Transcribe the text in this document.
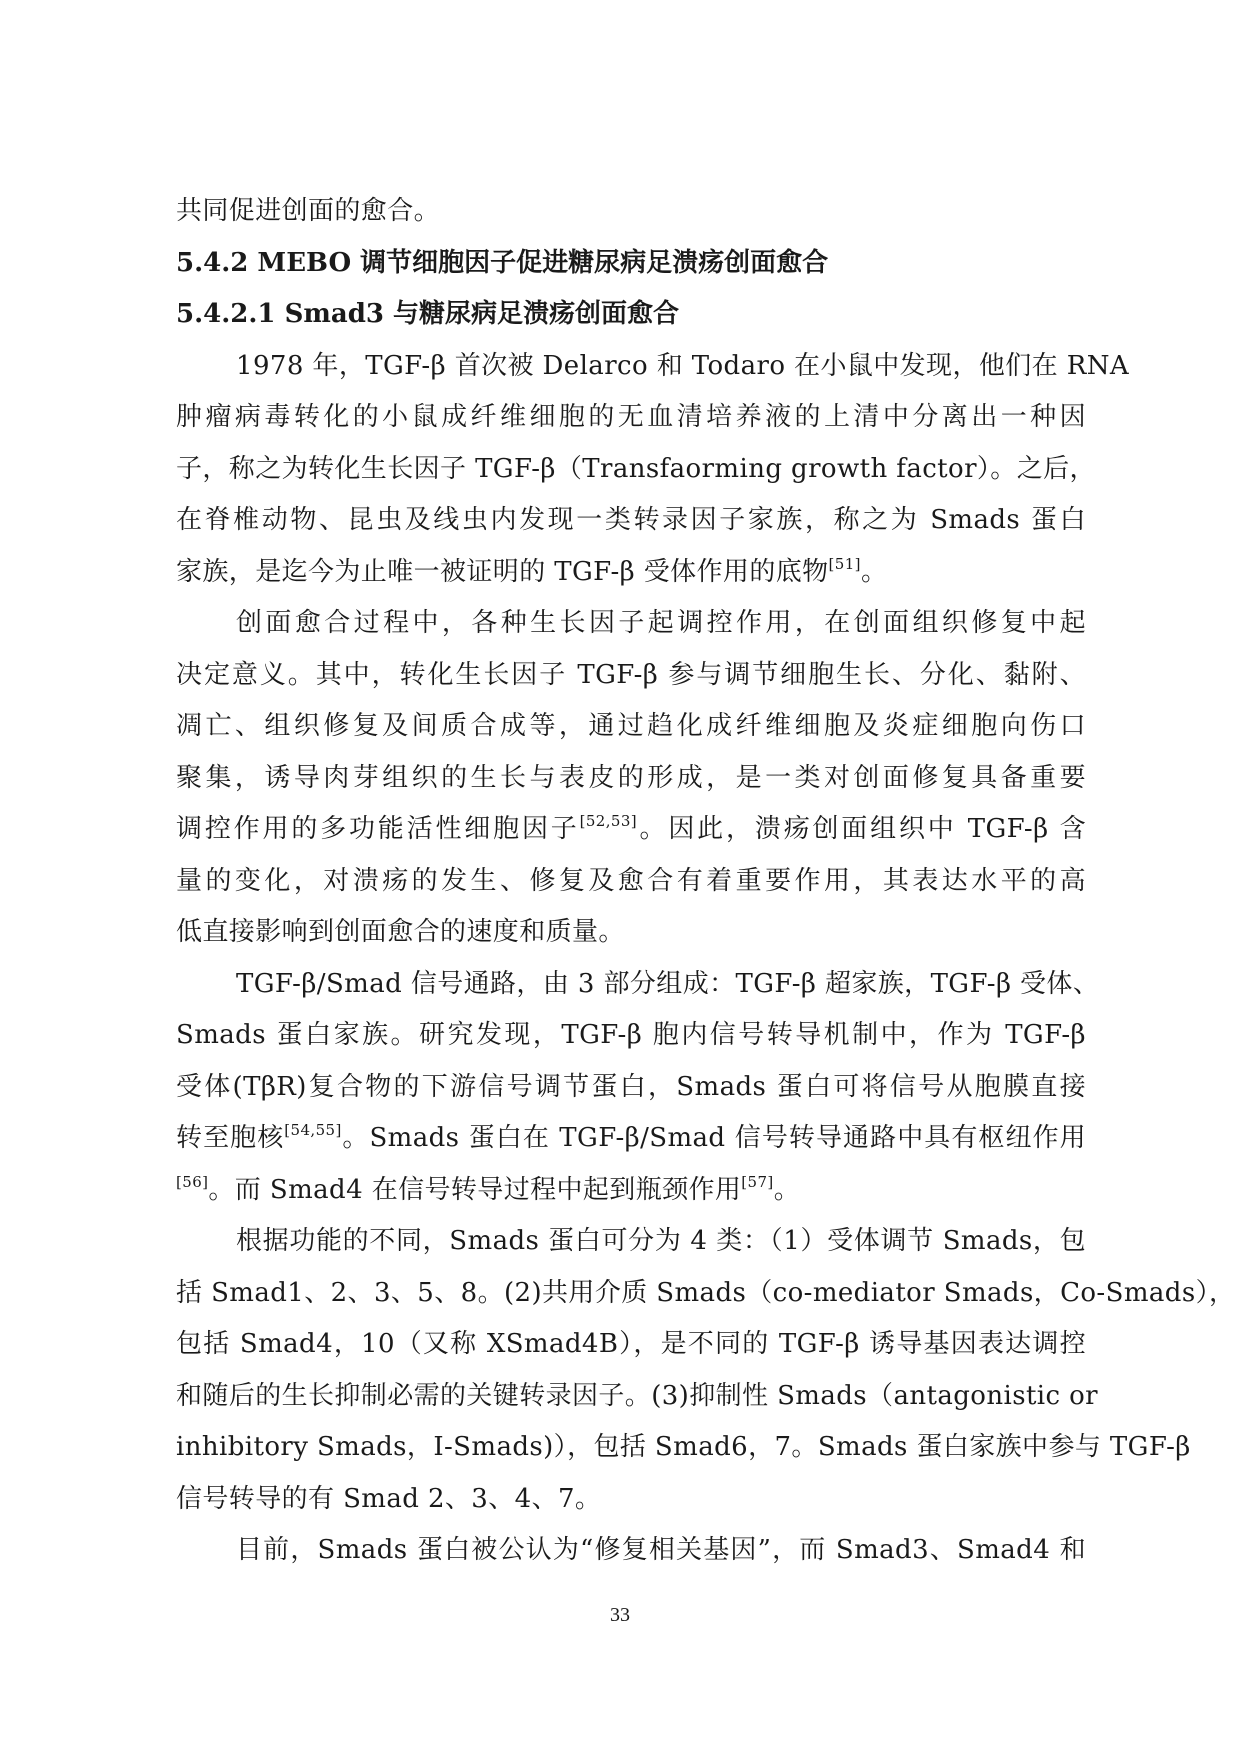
共同促进创面的愈合。
5.4.2 MEBO 调节细胞因子促进糖尿病足溃疡创面愈合
5.4.2.1 Smad3 与糖尿病足溃疡创面愈合
1978 年，TGF-β 首次被 Delarco 和 Todaro 在小鼠中发现，他们在 RNA
肿瘤病毒转化的小鼠成纤维细胞的无血清培养液的上清中分离出一种因
子，称之为转化生长因子 TGF-β（Transfaorming growth factor）。之后，
在脊椎动物、昆虫及线虫内发现一类转录因子家族，称之为 Smads 蛋白
家族，是迄今为止唯一被证明的 TGF-β 受体作用的底物[51]。
创面愈合过程中，各种生长因子起调控作用，在创面组织修复中起
决定意义。其中，转化生长因子 TGF-β 参与调节细胞生长、分化、黏附、
凋亡、组织修复及间质合成等，通过趋化成纤维细胞及炎症细胞向伤口
聚集，诱导肉芽组织的生长与表皮的形成，是一类对创面修复具备重要
调控作用的多功能活性细胞因子[52,53]。因此，溃疡创面组织中 TGF-β 含
量的变化，对溃疡的发生、修复及愈合有着重要作用，其表达水平的高
低直接影响到创面愈合的速度和质量。
TGF-β/Smad 信号通路，由 3 部分组成：TGF-β 超家族，TGF-β 受体、
Smads 蛋白家族。研究发现，TGF-β 胞内信号转导机制中，作为 TGF-β
受体(TβR)复合物的下游信号调节蛋白，Smads 蛋白可将信号从胞膜直接
转至胞核[54,55]。Smads 蛋白在 TGF-β/Smad 信号转导通路中具有枢纽作用
[56]。而 Smad4 在信号转导过程中起到瓶颈作用[57]。
根据功能的不同，Smads 蛋白可分为 4 类：（1）受体调节 Smads，包
括 Smad1、2、3、5、8。(2)共用介质 Smads（co-mediator Smads，Co-Smads），
包括 Smad4，10（又称 XSmad4B），是不同的 TGF-β 诱导基因表达调控
和随后的生长抑制必需的关键转录因子。(3)抑制性 Smads（antagonistic or
inhibitory Smads，I-Smads)），包括 Smad6，7。Smads 蛋白家族中参与 TGF-β
信号转导的有 Smad 2、3、4、7。
目前，Smads 蛋白被公认为“修复相关基因”，而 Smad3、Smad4 和
33
